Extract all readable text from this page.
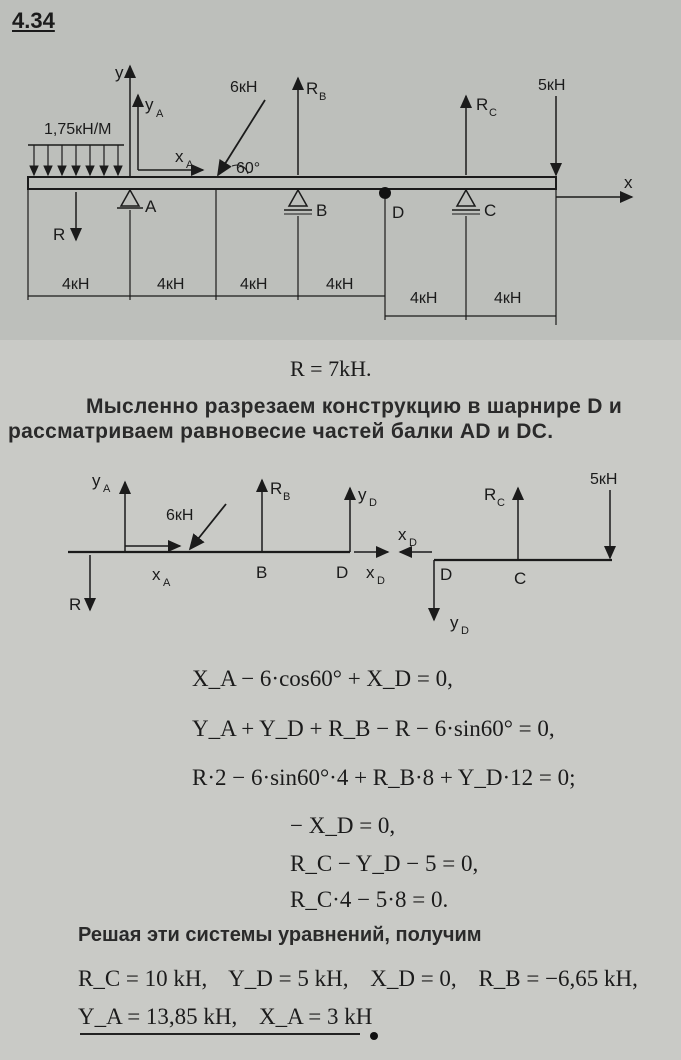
4.34
x
y
1,75кН/М
y A
x A
6кН
60°
R B	R C
5кН
R
A	B	D	C
4кН	4кН	4кН	4кН
4кН	4кН
R = 7kH.
Мысленно разрезаем конструкцию в шарнире D и
рассматриваем равновесие частей балки AD и DC.
y A
6кН
x A
R
R B
B
y D
D x D
R C
5кН
x D
D	C
y D
X_A − 6·cos60° + X_D = 0,
Y_A + Y_D + R_B − R − 6·sin60° = 0,
R·2 − 6·sin60°·4 + R_B·8 + Y_D·12 = 0;
− X_D = 0,
R_C − Y_D − 5 = 0,
R_C·4 − 5·8 = 0.
Решая эти системы уравнений, получим
R_C = 10 kH, Y_D = 5 kH, X_D = 0, R_B = −6,65 kH,
Y_A = 13,85 kH, X_A = 3 kH
